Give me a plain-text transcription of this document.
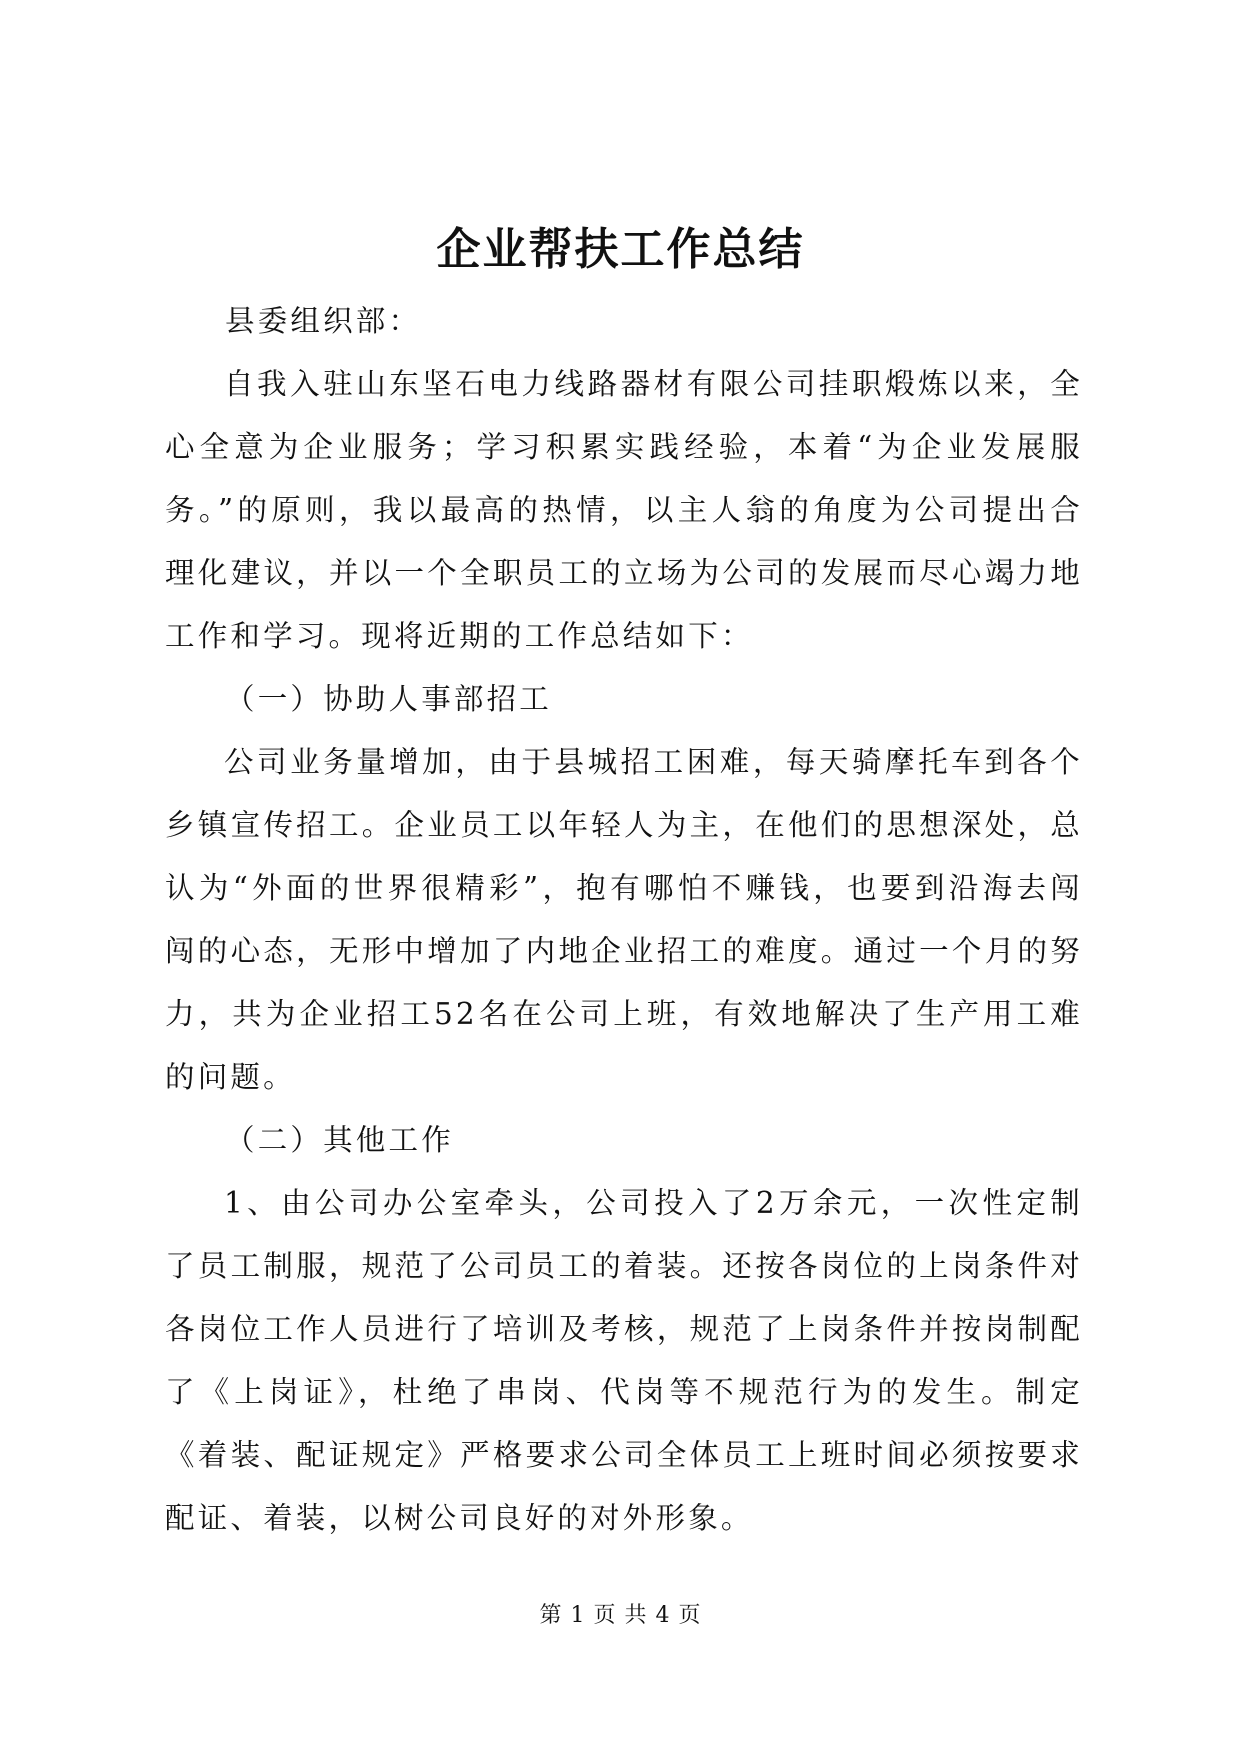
企业帮扶工作总结

县委组织部：

自我入驻山东坚石电力线路器材有限公司挂职煅炼以来，全心全意为企业服务；学习积累实践经验，本着“为企业发展服务。”的原则，我以最高的热情，以主人翁的角度为公司提出合理化建议，并以一个全职员工的立场为公司的发展而尽心竭力地工作和学习。现将近期的工作总结如下：

（一）协助人事部招工

公司业务量增加，由于县城招工困难，每天骑摩托车到各个乡镇宣传招工。企业员工以年轻人为主，在他们的思想深处，总认为“外面的世界很精彩”，抱有哪怕不赚钱，也要到沿海去闯闯的心态，无形中增加了内地企业招工的难度。通过一个月的努力，共为企业招工52名在公司上班，有效地解决了生产用工难的问题。

（二）其他工作

1、由公司办公室牵头，公司投入了2万余元，一次性定制了员工制服，规范了公司员工的着装。还按各岗位的上岗条件对各岗位工作人员进行了培训及考核，规范了上岗条件并按岗制配了《上岗证》，杜绝了串岗、代岗等不规范行为的发生。制定《着装、配证规定》严格要求公司全体员工上班时间必须按要求配证、着装，以树公司良好的对外形象。

第 1 页 共 4 页
